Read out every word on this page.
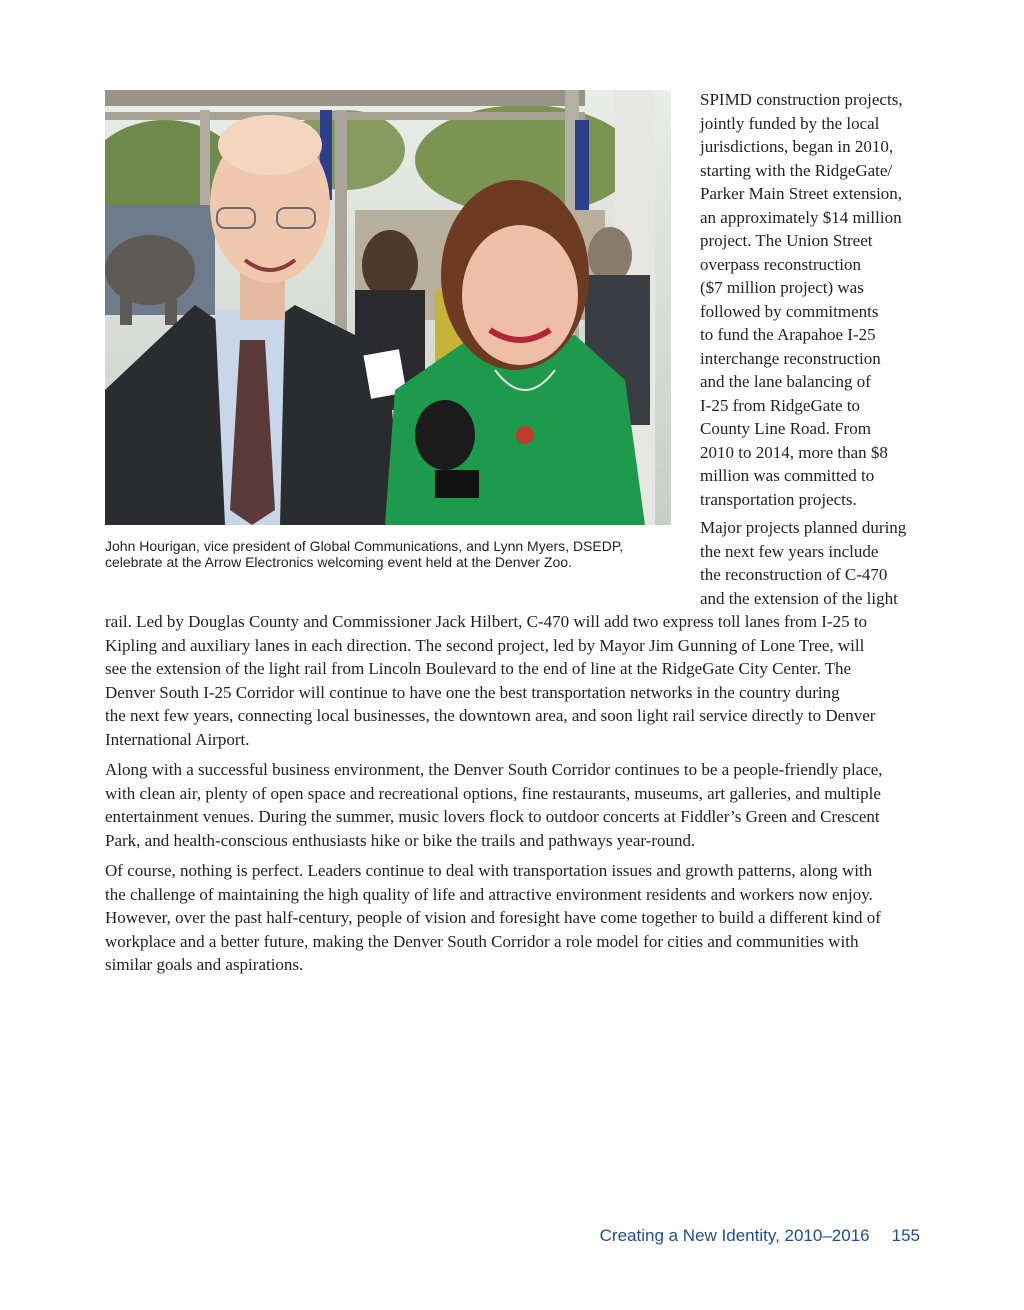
John Hourigan, vice president of Global Communications, and Lynn Myers, DSEDP,
celebrate at the Arrow Electronics welcoming event held at the Denver Zoo.
SPIMD construction projects,
jointly funded by the local
jurisdictions, began in 2010,
starting with the RidgeGate/
Parker Main Street extension,
an approximately $14 million
project. The Union Street
overpass reconstruction
($7 million project) was
followed by commitments
to fund the Arapahoe I-25
interchange reconstruction
and the lane balancing of
I-25 from RidgeGate to
County Line Road. From
2010 to 2014, more than $8
million was committed to
transportation projects.
Major projects planned during
the next few years include
the reconstruction of C-470
and the extension of the light
rail. Led by Douglas County and Commissioner Jack Hilbert, C-470 will add two express toll lanes from I-25 to
Kipling and auxiliary lanes in each direction. The second project, led by Mayor Jim Gunning of Lone Tree, will
see the extension of the light rail from Lincoln Boulevard to the end of line at the RidgeGate City Center. The
Denver South I-25 Corridor will continue to have one the best transportation networks in the country during
the next few years, connecting local businesses, the downtown area, and soon light rail service directly to Denver
International Airport.
Along with a successful business environment, the Denver South Corridor continues to be a people-friendly place,
with clean air, plenty of open space and recreational options, fine restaurants, museums, art galleries, and multiple
entertainment venues. During the summer, music lovers flock to outdoor concerts at Fiddler’s Green and Crescent
Park, and health-conscious enthusiasts hike or bike the trails and pathways year-round.
Of course, nothing is perfect. Leaders continue to deal with transportation issues and growth patterns, along with
the challenge of maintaining the high quality of life and attractive environment residents and workers now enjoy.
However, over the past half-century, people of vision and foresight have come together to build a different kind of
workplace and a better future, making the Denver South Corridor a role model for cities and communities with
similar goals and aspirations.
Creating a New Identity, 2010–2016 155
